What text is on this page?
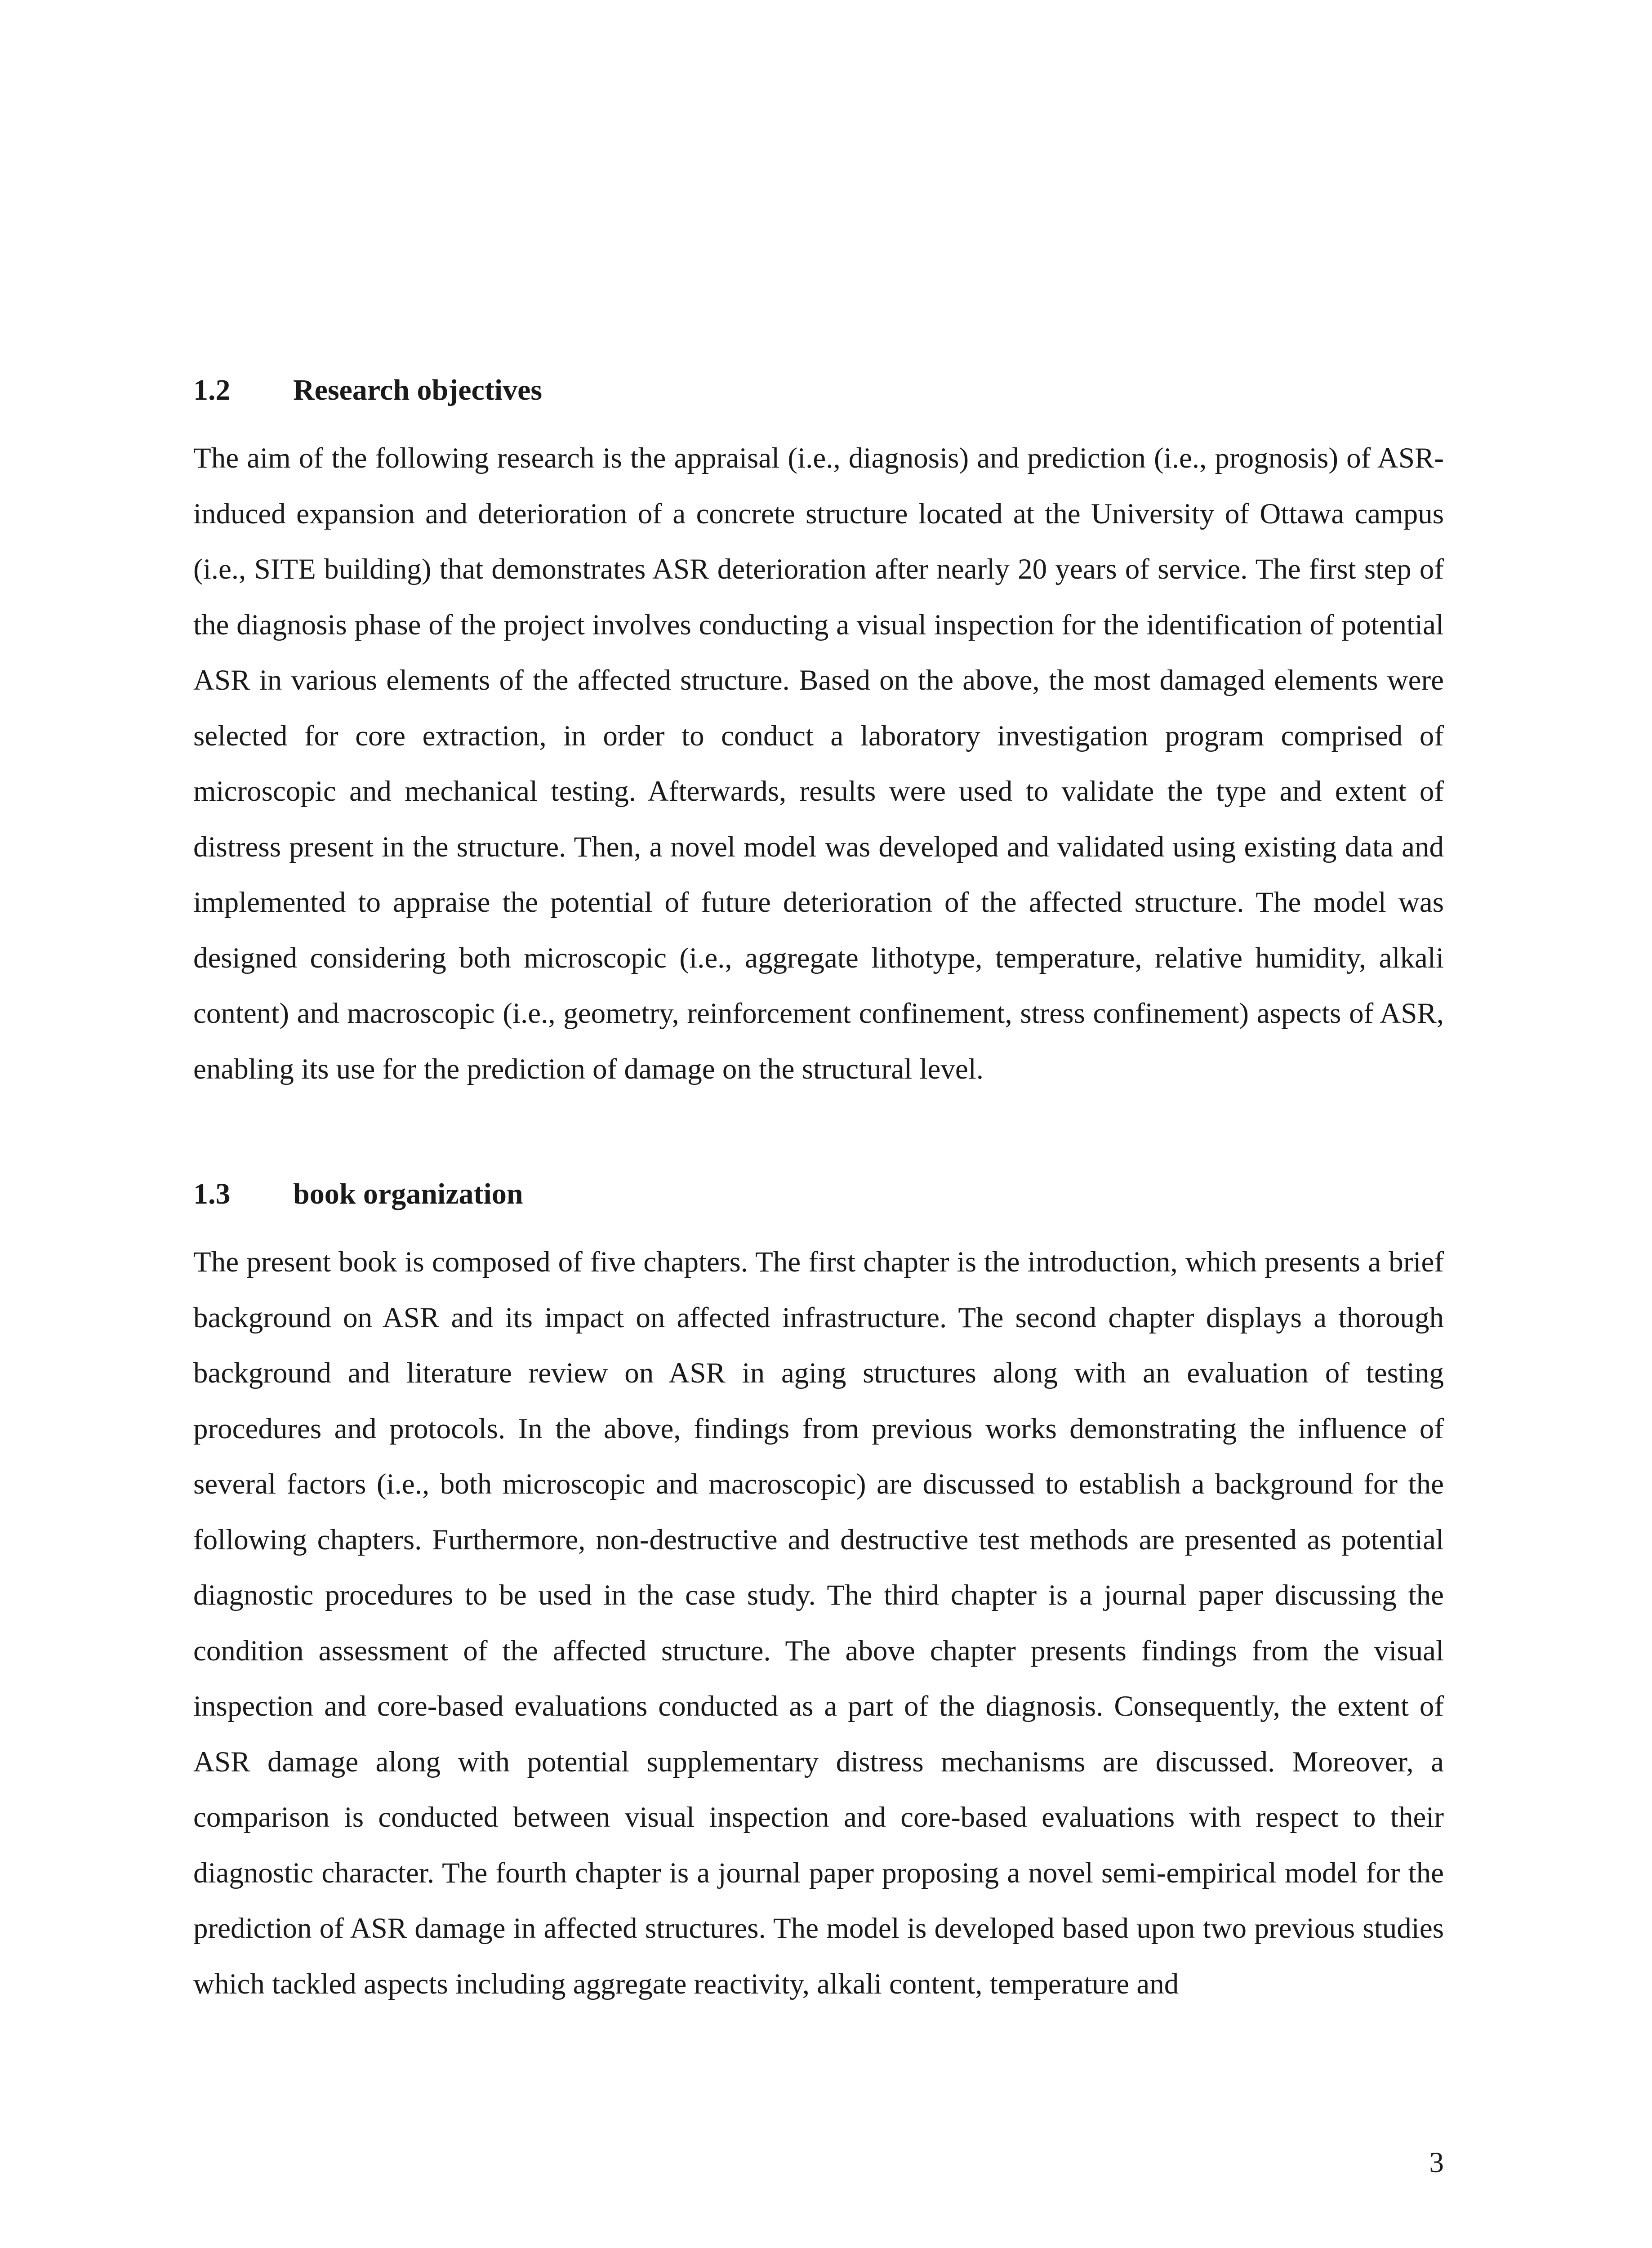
1.2 Research objectives

The aim of the following research is the appraisal (i.e., diagnosis) and prediction (i.e., prognosis) of ASR-induced expansion and deterioration of a concrete structure located at the University of Ottawa campus (i.e., SITE building) that demonstrates ASR deterioration after nearly 20 years of service. The first step of the diagnosis phase of the project involves conducting a visual inspection for the identification of potential ASR in various elements of the affected structure. Based on the above, the most damaged elements were selected for core extraction, in order to conduct a laboratory investigation program comprised of microscopic and mechanical testing. Afterwards, results were used to validate the type and extent of distress present in the structure. Then, a novel model was developed and validated using existing data and implemented to appraise the potential of future deterioration of the affected structure. The model was designed considering both microscopic (i.e., aggregate lithotype, temperature, relative humidity, alkali content) and macroscopic (i.e., geometry, reinforcement confinement, stress confinement) aspects of ASR, enabling its use for the prediction of damage on the structural level.

1.3 book organization

The present book is composed of five chapters. The first chapter is the introduction, which presents a brief background on ASR and its impact on affected infrastructure. The second chapter displays a thorough background and literature review on ASR in aging structures along with an evaluation of testing procedures and protocols. In the above, findings from previous works demonstrating the influence of several factors (i.e., both microscopic and macroscopic) are discussed to establish a background for the following chapters. Furthermore, non-destructive and destructive test methods are presented as potential diagnostic procedures to be used in the case study. The third chapter is a journal paper discussing the condition assessment of the affected structure. The above chapter presents findings from the visual inspection and core-based evaluations conducted as a part of the diagnosis. Consequently, the extent of ASR damage along with potential supplementary distress mechanisms are discussed. Moreover, a comparison is conducted between visual inspection and core-based evaluations with respect to their diagnostic character. The fourth chapter is a journal paper proposing a novel semi-empirical model for the prediction of ASR damage in affected structures. The model is developed based upon two previous studies which tackled aspects including aggregate reactivity, alkali content, temperature and

3
